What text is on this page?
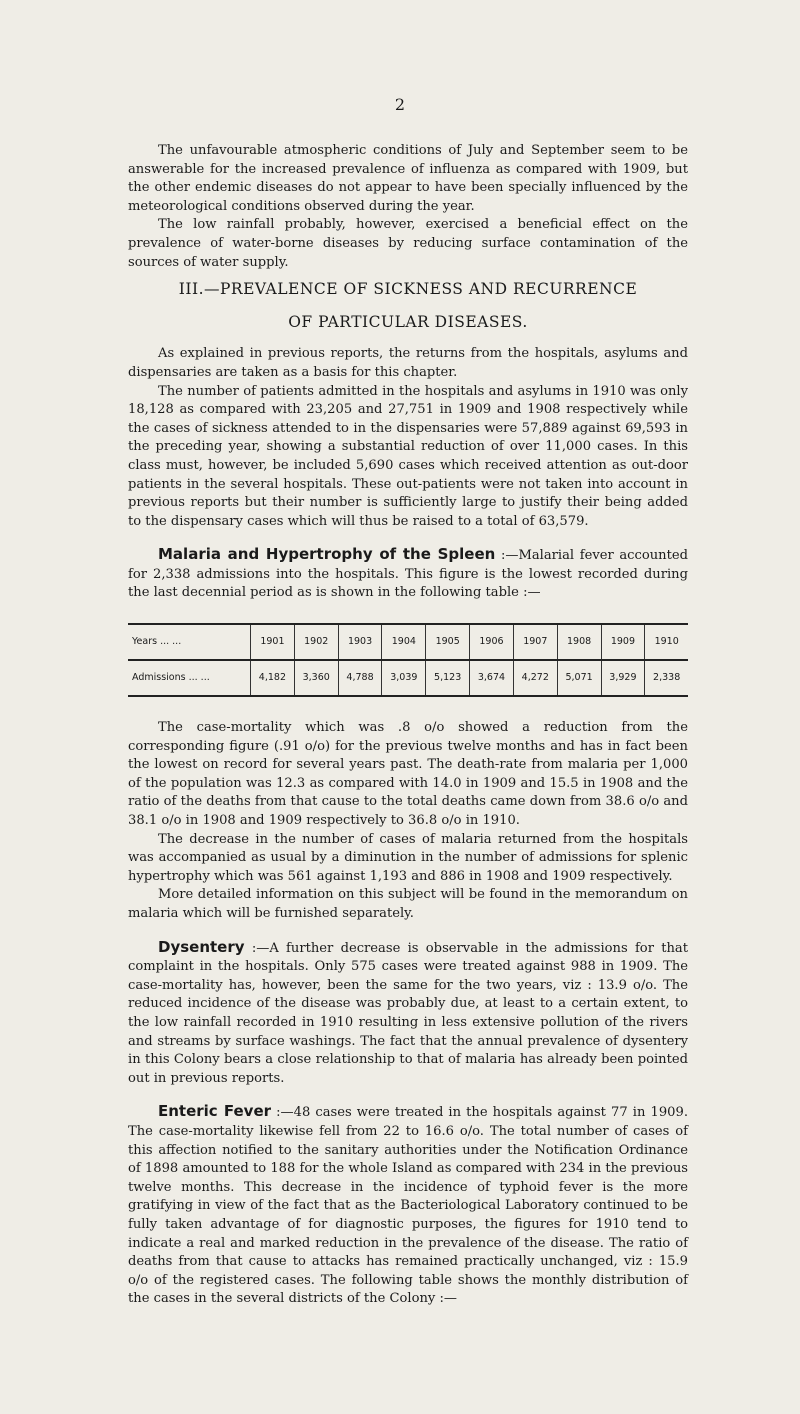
2

The unfavourable atmospheric conditions of July and September seem to be answerable for the increased prevalence of influenza as compared with 1909, but the other endemic diseases do not appear to have been specially influenced by the meteorological conditions observed during the year.

The low rainfall probably, however, exercised a beneficial effect on the prevalence of water-borne diseases by reducing surface contamination of the sources of water supply.

III.—PREVALENCE OF SICKNESS AND RECURRENCE

OF PARTICULAR DISEASES.

As explained in previous reports, the returns from the hospitals, asylums and dispensaries are taken as a basis for this chapter.

The number of patients admitted in the hospitals and asylums in 1910 was only 18,128 as compared with 23,205 and 27,751 in 1909 and 1908 respectively while the cases of sickness attended to in the dispensaries were 57,889 against 69,593 in the preceding year, showing a substantial reduction of over 11,000 cases. In this class must, however, be included 5,690 cases which received attention as out-door patients in the several hospitals. These out-patients were not taken into account in previous reports but their number is sufficiently large to justify their being added to the dispensary cases which will thus be raised to a total of 63,579.

Malaria and Hypertrophy of the Spleen :—Malarial fever accounted for 2,338 admissions into the hospitals. This figure is the lowest recorded during the last decennial period as is shown in the following table :—

Years ... ...	1901	1902	1903	1904	1905	1906	1907	1908	1909	1910
Admissions ... ...	4,182	3,360	4,788	3,039	5,123	3,674	4,272	5,071	3,929	2,338

The case-mortality which was .8 o/o showed a reduction from the corresponding figure (.91 o/o) for the previous twelve months and has in fact been the lowest on record for several years past. The death-rate from malaria per 1,000 of the population was 12.3 as compared with 14.0 in 1909 and 15.5 in 1908 and the ratio of the deaths from that cause to the total deaths came down from 38.6 o/o and 38.1 o/o in 1908 and 1909 respectively to 36.8 o/o in 1910.

The decrease in the number of cases of malaria returned from the hospitals was accompanied as usual by a diminution in the number of admissions for splenic hypertrophy which was 561 against 1,193 and 886 in 1908 and 1909 respectively.

More detailed information on this subject will be found in the memorandum on malaria which will be furnished separately.

Dysentery :—A further decrease is observable in the admissions for that complaint in the hospitals. Only 575 cases were treated against 988 in 1909. The case-mortality has, however, been the same for the two years, viz : 13.9 o/o. The reduced incidence of the disease was probably due, at least to a certain extent, to the low rainfall recorded in 1910 resulting in less extensive pollution of the rivers and streams by surface washings. The fact that the annual prevalence of dysentery in this Colony bears a close relationship to that of malaria has already been pointed out in previous reports.

Enteric Fever :—48 cases were treated in the hospitals against 77 in 1909. The case-mortality likewise fell from 22 to 16.6 o/o. The total number of cases of this affection notified to the sanitary authorities under the Notification Ordinance of 1898 amounted to 188 for the whole Island as compared with 234 in the previous twelve months. This decrease in the incidence of typhoid fever is the more gratifying in view of the fact that as the Bacteriological Laboratory continued to be fully taken advantage of for diagnostic purposes, the figures for 1910 tend to indicate a real and marked reduction in the prevalence of the disease. The ratio of deaths from that cause to attacks has remained practically unchanged, viz : 15.9 o/o of the registered cases. The following table shows the monthly distribution of the cases in the several districts of the Colony :—
